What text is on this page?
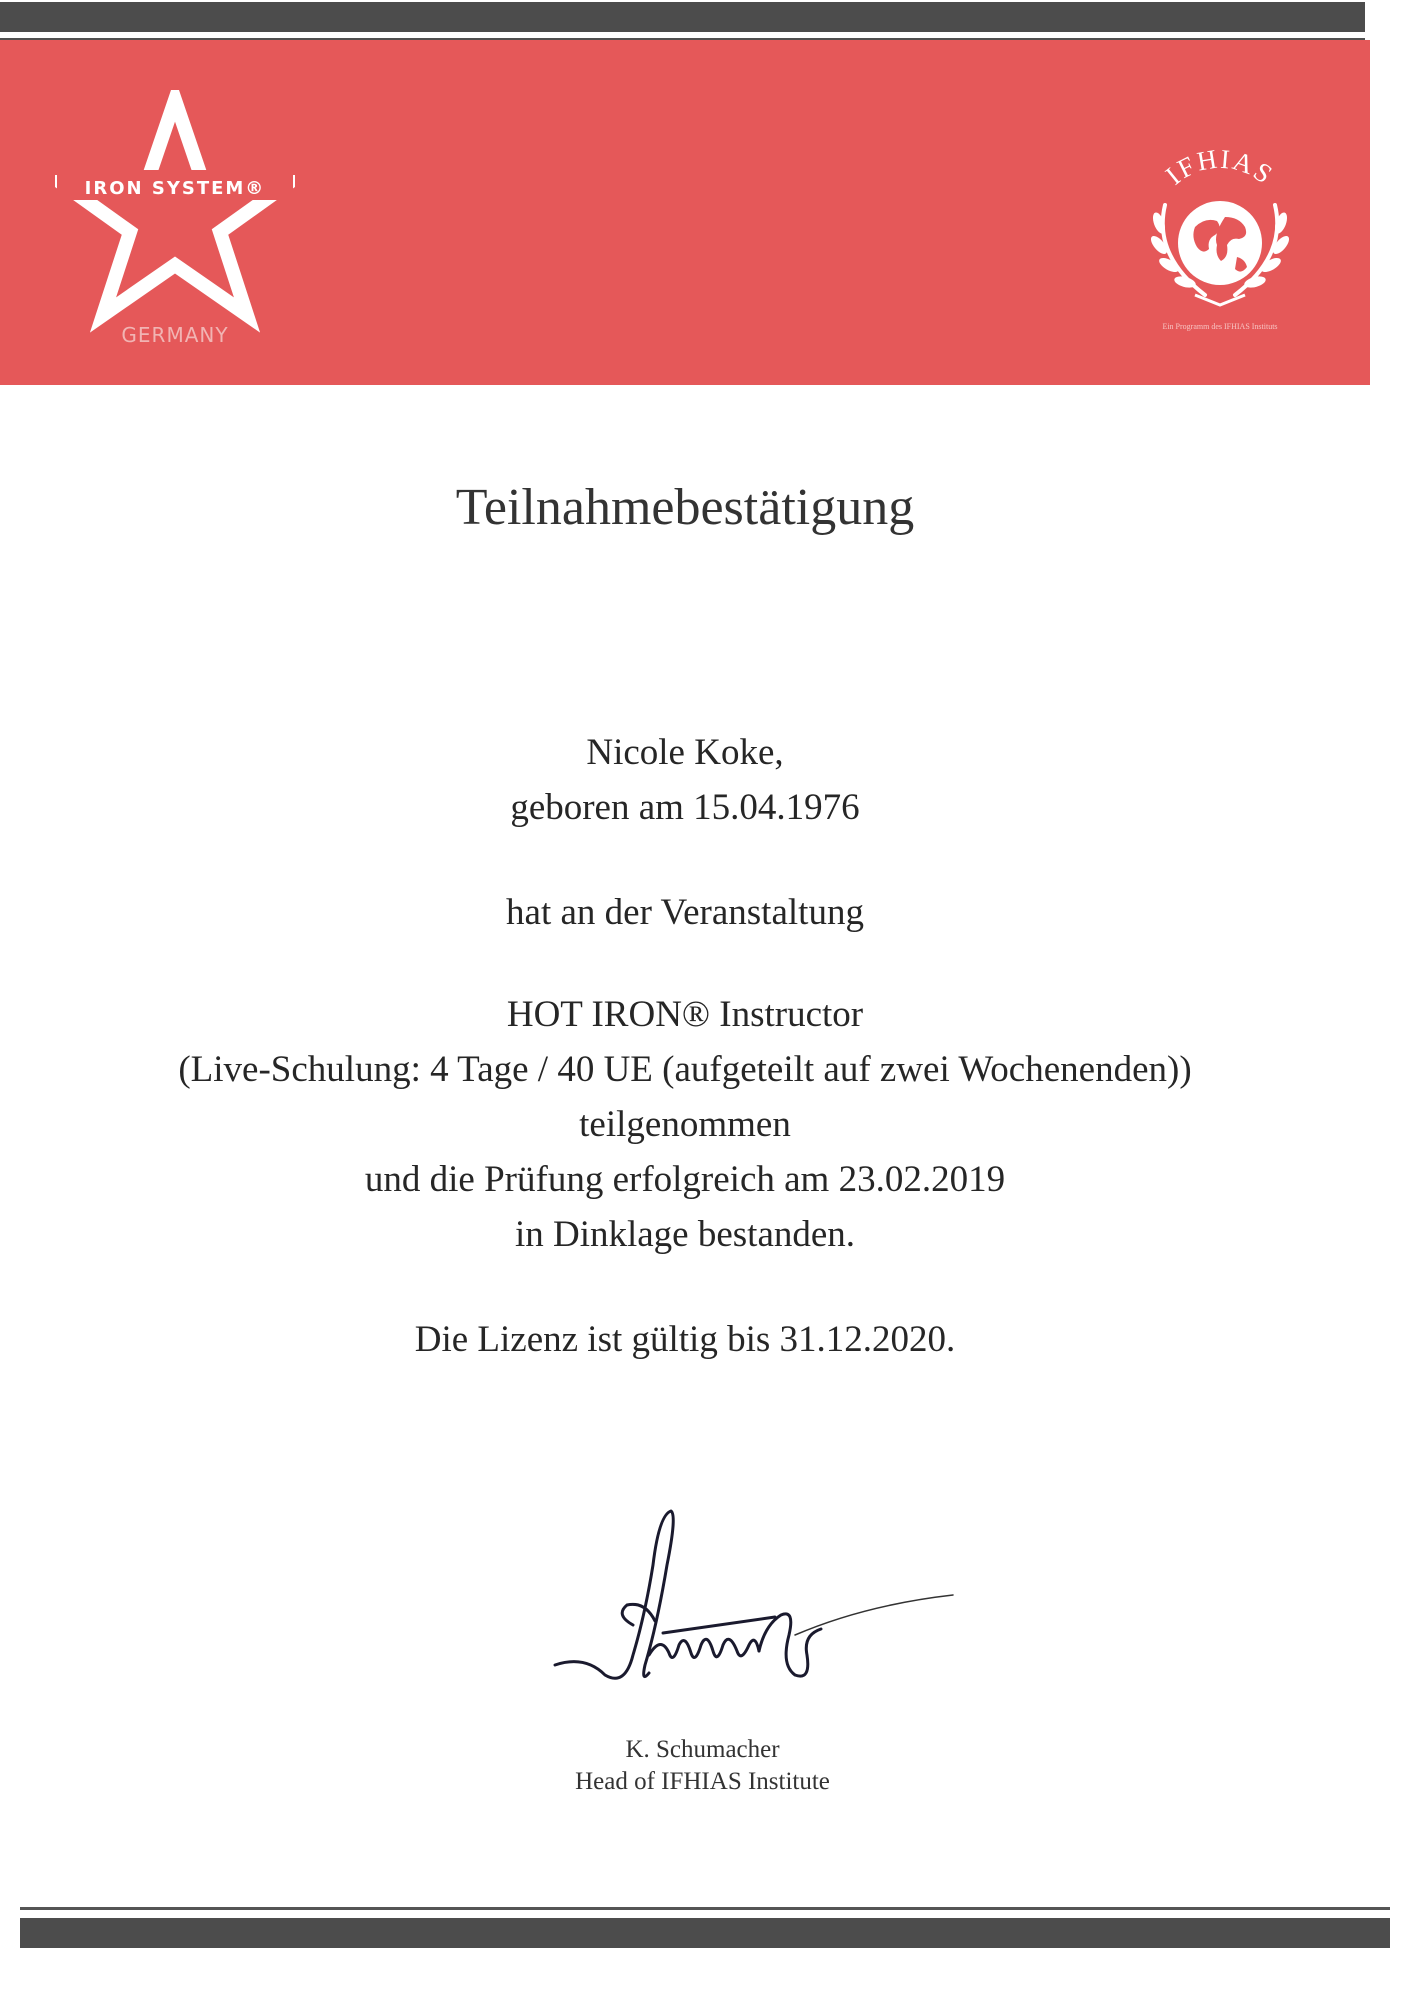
IRON SYSTEM®
GERMANY
IFHIAS
Ein Programm des IFHIAS Instituts
Teilnahmebestätigung
Nicole Koke,
geboren am 15.04.1976
hat an der Veranstaltung
HOT IRON® Instructor
(Live-Schulung: 4 Tage / 40 UE (aufgeteilt auf zwei Wochenenden))
teilgenommen
und die Prüfung erfolgreich am 23.02.2019
in Dinklage bestanden.
Die Lizenz ist gültig bis 31.12.2020.
K. Schumacher
Head of IFHIAS Institute
